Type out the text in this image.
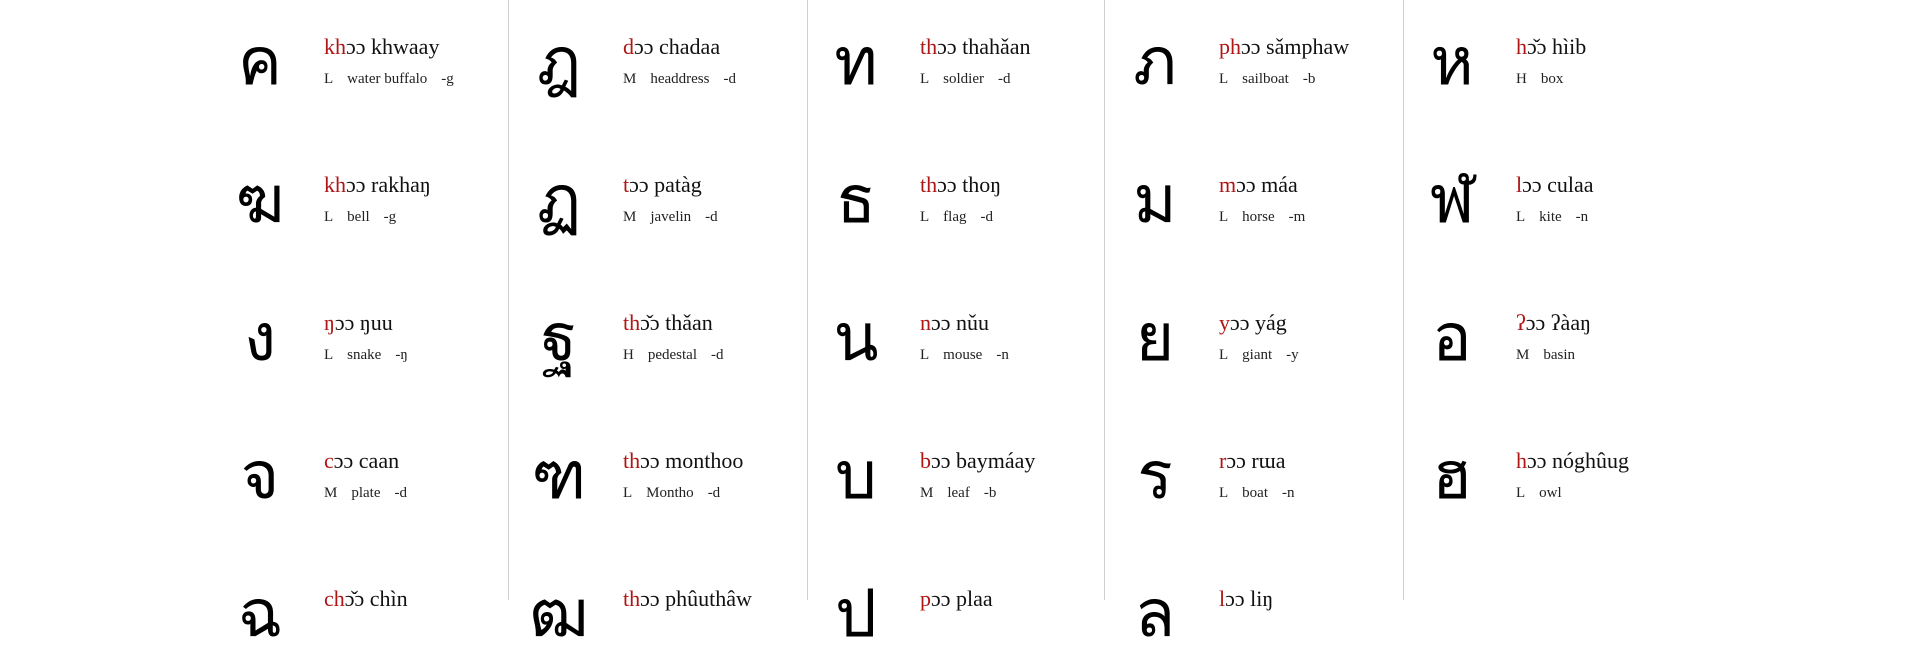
ค	khɔɔ khwaay
L water buffalo -g
ฆ	khɔɔ rakhaŋ
L bell -g
ง	ŋɔɔ ŋuu
L snake -ŋ
จ	cɔɔ caan
M plate -d
ฉ	chɔ̌ɔ chìn
ฎ	dɔɔ chadaa
M headdress -d
ฏ	tɔɔ patàg
M javelin -d
ฐ	thɔ̌ɔ thǎan
H pedestal -d
ฑ	thɔɔ monthoo
L Montho -d
ฒ	thɔɔ phûuthâw
ท	thɔɔ thahǎan
L soldier -d
ธ	thɔɔ thoŋ
L flag -d
น	nɔɔ nǔu
L mouse -n
บ	bɔɔ baymáay
M leaf -b
ป	pɔɔ plaa
ภ	phɔɔ sǎmphaw
L sailboat -b
ม	mɔɔ máa
L horse -m
ย	yɔɔ yág
L giant -y
ร	rɔɔ rɯa
L boat -n
ล	lɔɔ liŋ
ห	hɔ̌ɔ hìib
H box
ฬ	lɔɔ culaa
L kite -n
อ	ʔɔɔ ʔàaŋ
M basin
ฮ	hɔɔ nóghûug
L owl
